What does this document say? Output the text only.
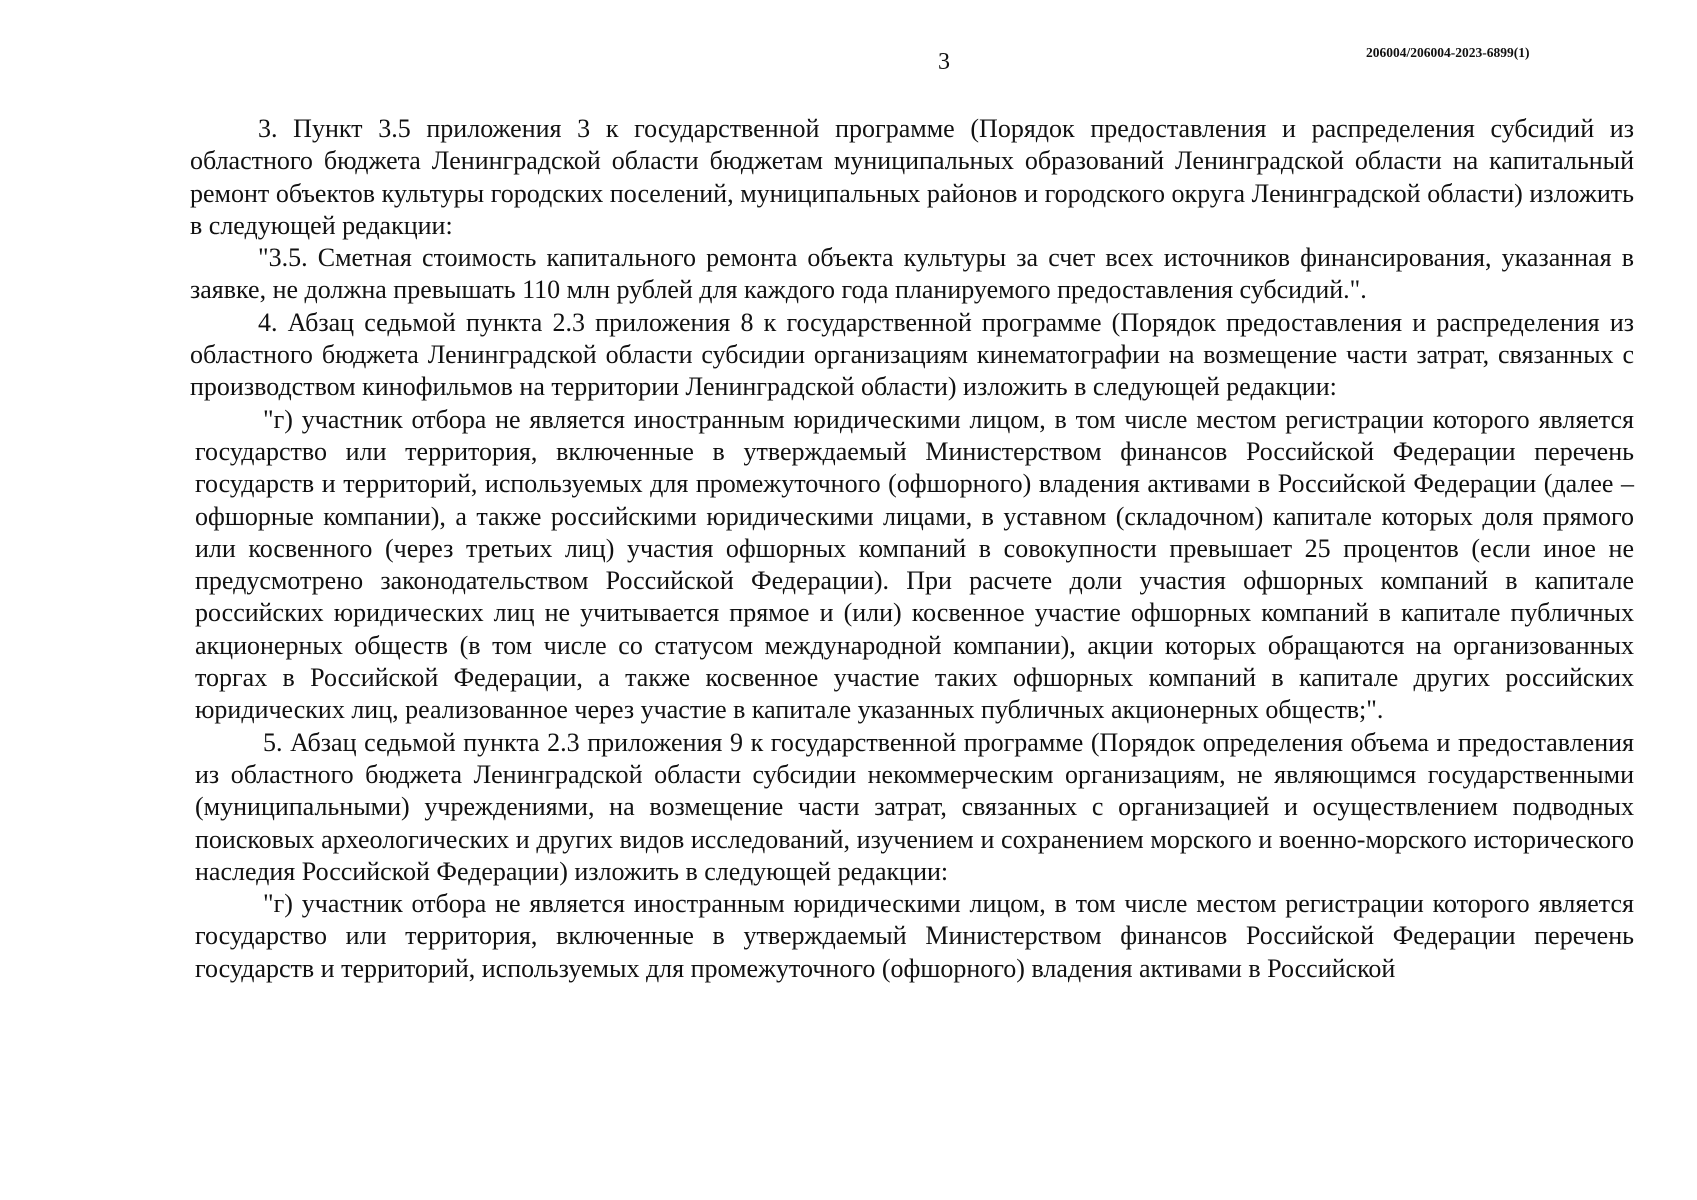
3	206004/206004-2023-6899(1)

3. Пункт 3.5 приложения 3 к государственной программе (Порядок предоставления и распределения субсидий из областного бюджета Ленинградской области бюджетам муниципальных образований Ленинградской области на капитальный ремонт объектов культуры городских поселений, муниципальных районов и городского округа Ленинградской области) изложить в следующей редакции:

"3.5. Сметная стоимость капитального ремонта объекта культуры за счет всех источников финансирования, указанная в заявке, не должна превышать 110 млн рублей для каждого года планируемого предоставления субсидий.".

4. Абзац седьмой пункта 2.3 приложения 8 к государственной программе (Порядок предоставления и распределения из областного бюджета Ленинградской области субсидии организациям кинематографии на возмещение части затрат, связанных с производством кинофильмов на территории Ленинградской области) изложить в следующей редакции:

"г) участник отбора не является иностранным юридическими лицом, в том числе местом регистрации которого является государство или территория, включенные в утверждаемый Министерством финансов Российской Федерации перечень государств и территорий, используемых для промежуточного (офшорного) владения активами в Российской Федерации (далее – офшорные компании), а также российскими юридическими лицами, в уставном (складочном) капитале которых доля прямого или косвенного (через третьих лиц) участия офшорных компаний в совокупности превышает 25 процентов (если иное не предусмотрено законодательством Российской Федерации). При расчете доли участия офшорных компаний в капитале российских юридических лиц не учитывается прямое и (или) косвенное участие офшорных компаний в капитале публичных акционерных обществ (в том числе со статусом международной компании), акции которых обращаются на организованных торгах в Российской Федерации, а также косвенное участие таких офшорных компаний в капитале других российских юридических лиц, реализованное через участие в капитале указанных публичных акционерных обществ;".

5. Абзац седьмой пункта 2.3 приложения 9 к государственной программе (Порядок определения объема и предоставления из областного бюджета Ленинградской области субсидии некоммерческим организациям, не являющимся государственными (муниципальными) учреждениями, на возмещение части затрат, связанных с организацией и осуществлением подводных поисковых археологических и других видов исследований, изучением и сохранением морского и военно-морского исторического наследия Российской Федерации) изложить в следующей редакции:

"г) участник отбора не является иностранным юридическими лицом, в том числе местом регистрации которого является государство или территория, включенные в утверждаемый Министерством финансов Российской Федерации перечень государств и территорий, используемых для промежуточного (офшорного) владения активами в Российской
